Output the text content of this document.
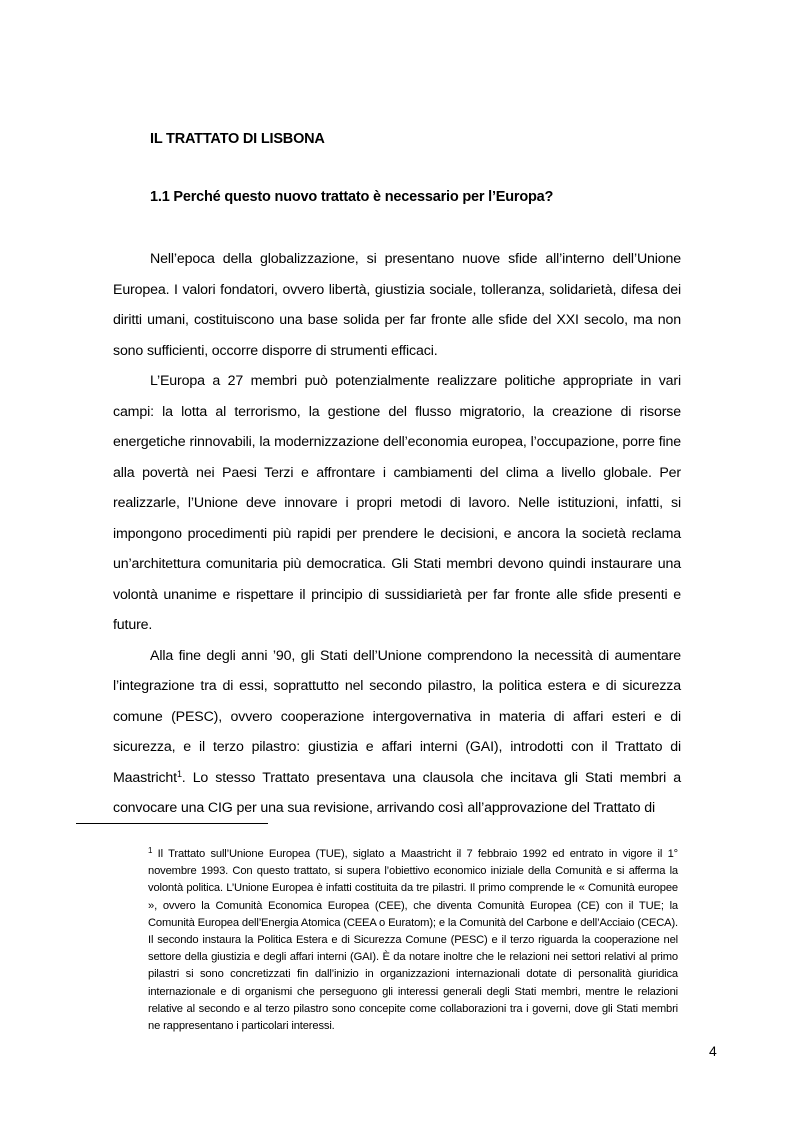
IL TRATTATO DI LISBONA
1.1 Perché questo nuovo trattato è necessario per l’Europa?

Nell’epoca della globalizzazione, si presentano nuove sfide all’interno dell’Unione Europea. I valori fondatori, ovvero libertà, giustizia sociale, tolleranza, solidarietà, difesa dei diritti umani, costituiscono una base solida per far fronte alle sfide del XXI secolo, ma non sono sufficienti, occorre disporre di strumenti efficaci.

L’Europa a 27 membri può potenzialmente realizzare politiche appropriate in vari campi: la lotta al terrorismo, la gestione del flusso migratorio, la creazione di risorse energetiche rinnovabili, la modernizzazione dell’economia europea, l’occupazione, porre fine alla povertà nei Paesi Terzi e affrontare i cambiamenti del clima a livello globale. Per realizzarle, l’Unione deve innovare i propri metodi di lavoro. Nelle istituzioni, infatti, si impongono procedimenti più rapidi per prendere le decisioni, e ancora la società reclama un’architettura comunitaria più democratica. Gli Stati membri devono quindi instaurare una volontà unanime e rispettare il principio di sussidiarietà per far fronte alle sfide presenti e future.

Alla fine degli anni ’90, gli Stati dell’Unione comprendono la necessità di aumentare l’integrazione tra di essi, soprattutto nel secondo pilastro, la politica estera e di sicurezza comune (PESC), ovvero cooperazione intergovernativa in materia di affari esteri e di sicurezza, e il terzo pilastro: giustizia e affari interni (GAI), introdotti con il Trattato di Maastricht$^1$. Lo stesso Trattato presentava una clausola che incitava gli Stati membri a convocare una CIG per una sua revisione, arrivando così all’approvazione del Trattato di

$^1$ Il Trattato sull’Unione Europea (TUE), siglato a Maastricht il 7 febbraio 1992 ed entrato in vigore il 1° novembre 1993. Con questo trattato, si supera l’obiettivo economico iniziale della Comunità e si afferma la volontà politica. L’Unione Europea è infatti costituita da tre pilastri. Il primo comprende le « Comunità europee », ovvero la Comunità Economica Europea (CEE), che diventa Comunità Europea (CE) con il TUE; la Comunità Europea dell’Energia Atomica (CEEA o Euratom); e la Comunità del Carbone e dell’Acciaio (CECA). Il secondo instaura la Politica Estera e di Sicurezza Comune (PESC) e il terzo riguarda la cooperazione nel settore della giustizia e degli affari interni (GAI). È da notare inoltre che le relazioni nei settori relativi al primo pilastri si sono concretizzati fin dall’inizio in organizzazioni internazionali dotate di personalità giuridica internazionale e di organismi che perseguono gli interessi generali degli Stati membri, mentre le relazioni relative al secondo e al terzo pilastro sono concepite come collaborazioni tra i governi, dove gli Stati membri ne rappresentano i particolari interessi.
4
